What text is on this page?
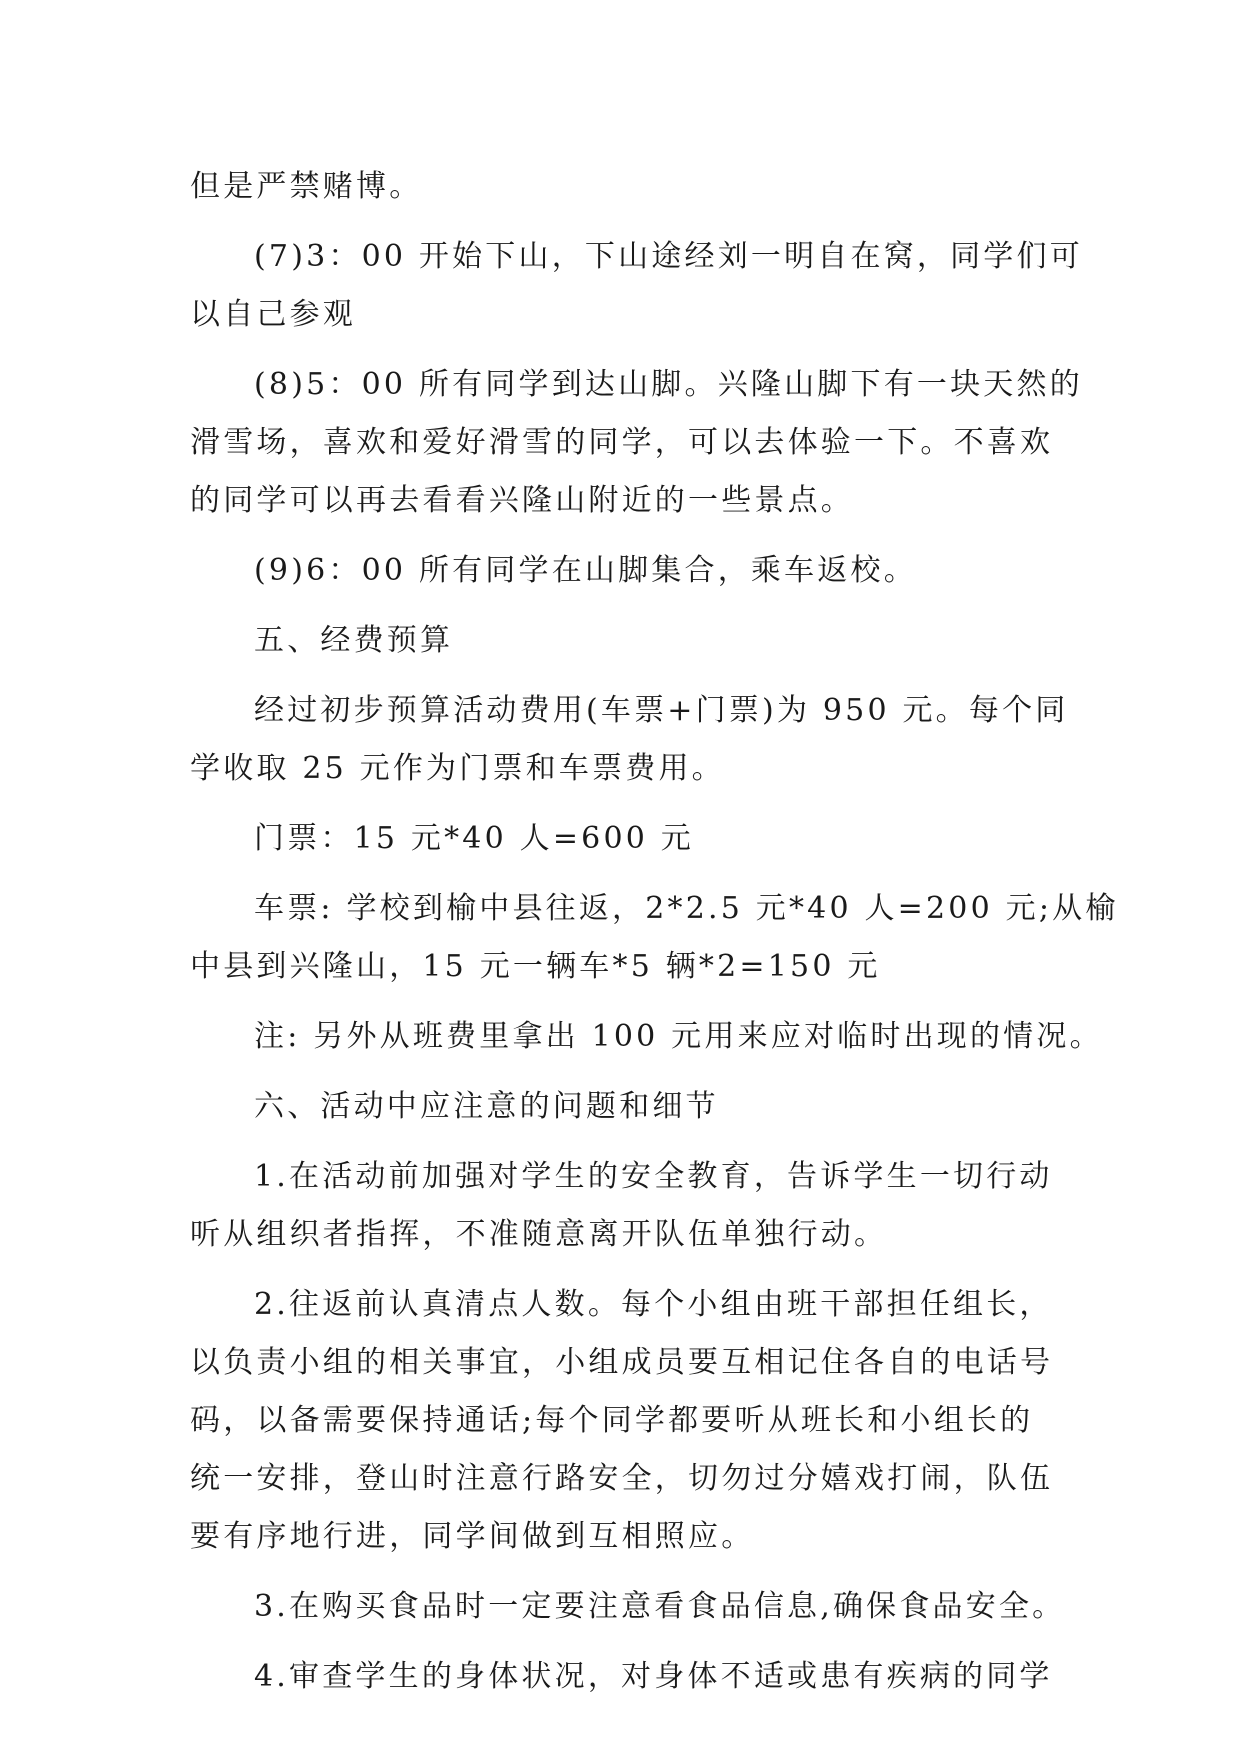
但是严禁赌博。
(7)3：00 开始下山，下山途经刘一明自在窝，同学们可
以自己参观
(8)5：00 所有同学到达山脚。兴隆山脚下有一块天然的
滑雪场，喜欢和爱好滑雪的同学，可以去体验一下。不喜欢
的同学可以再去看看兴隆山附近的一些景点。
(9)6：00 所有同学在山脚集合，乘车返校。
五、经费预算
经过初步预算活动费用(车票+门票)为 950 元。每个同
学收取 25 元作为门票和车票费用。
门票：15 元*40 人=600 元
车票: 学校到榆中县往返，2*2.5 元*40 人=200 元;从榆
中县到兴隆山，15 元一辆车*5 辆*2=150 元
注: 另外从班费里拿出 100 元用来应对临时出现的情况。
六、活动中应注意的问题和细节
1.在活动前加强对学生的安全教育，告诉学生一切行动
听从组织者指挥，不准随意离开队伍单独行动。
2.往返前认真清点人数。每个小组由班干部担任组长，
以负责小组的相关事宜，小组成员要互相记住各自的电话号
码，以备需要保持通话;每个同学都要听从班长和小组长的
统一安排，登山时注意行路安全，切勿过分嬉戏打闹，队伍
要有序地行进，同学间做到互相照应。
3.在购买食品时一定要注意看食品信息,确保食品安全。
4.审查学生的身体状况，对身体不适或患有疾病的同学
